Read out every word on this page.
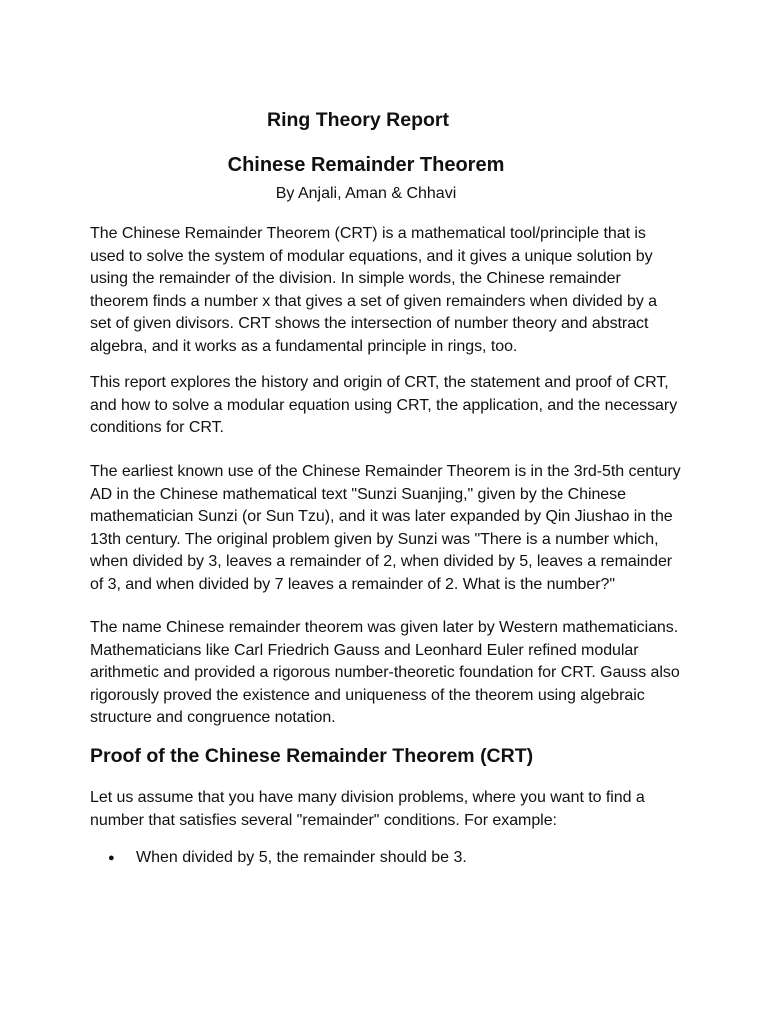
Ring Theory Report
Chinese Remainder Theorem

By Anjali, Aman & Chhavi

The Chinese Remainder Theorem (CRT) is a mathematical tool/principle that is used to solve the system of modular equations, and it gives a unique solution by using the remainder of the division. In simple words, the Chinese remainder theorem finds a number x that gives a set of given remainders when divided by a set of given divisors. CRT shows the intersection of number theory and abstract algebra, and it works as a fundamental principle in rings, too.

This report explores the history and origin of CRT, the statement and proof of CRT, and how to solve a modular equation using CRT, the application, and the necessary conditions for CRT.

The earliest known use of the Chinese Remainder Theorem is in the 3rd-5th century AD in the Chinese mathematical text "Sunzi Suanjing," given by the Chinese mathematician Sunzi (or Sun Tzu), and it was later expanded by Qin Jiushao in the 13th century. The original problem given by Sunzi was "There is a number which, when divided by 3, leaves a remainder of 2, when divided by 5, leaves a remainder of 3, and when divided by 7 leaves a remainder of 2. What is the number?"

The name Chinese remainder theorem was given later by Western mathematicians. Mathematicians like Carl Friedrich Gauss and Leonhard Euler refined modular arithmetic and provided a rigorous number-theoretic foundation for CRT. Gauss also rigorously proved the existence and uniqueness of the theorem using algebraic structure and congruence notation.

Proof of the Chinese Remainder Theorem (CRT)

Let us assume that you have many division problems, where you want to find a number that satisfies several "remainder" conditions. For example:

●	When divided by 5, the remainder should be 3.
